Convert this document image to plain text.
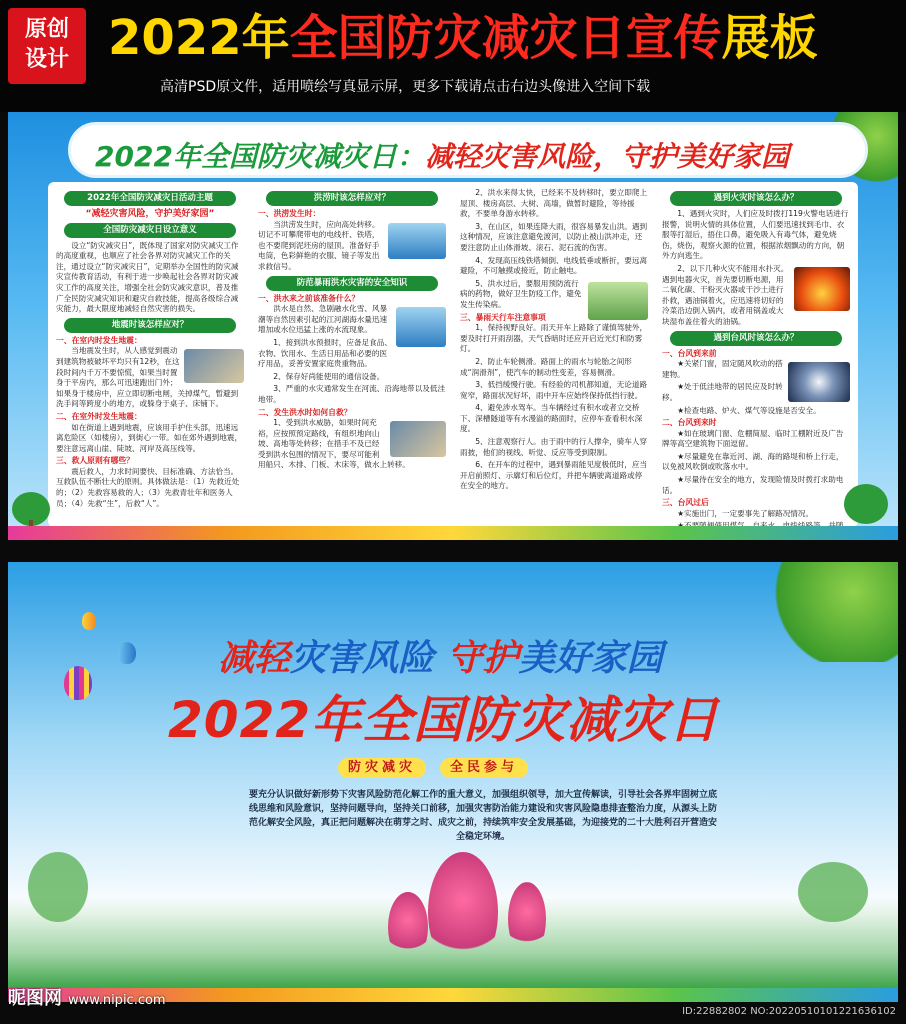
原创
设计 2022年全国防灾减灾日宣传展板
高清PSD原文件，适用喷绘写真显示屏，更多下载请点击右边头像进入空间下载
2022年全国防灾减灾日：减轻灾害风险，守护美好家园
2022年全国防灾减灾日活动主题
“减轻灾害风险，守护美好家园”
全国防灾减灾日设立意义
设立“防灾减灾日”，既体现了国家对防灾减灾工作的高度重视，也顺应了社会各界对防灾减灾工作的关注，通过设立“防灾减灾日”，定期举办全国性的防灾减灾宣传教育活动，有利于进一步唤起社会各界对防灾减灾工作的高度关注，增强全社会防灾减灾意识，普及推广全民防灾减灾知识和避灾自救技能，提高各级综合减灾能力，最大限度地减轻自然灾害的损失。
地震时该怎样应对？
一、在室内时发生地震：
当地震发生时，从人感觉到震动到建筑物被破坏平均只有12秒，在这段时间内千万不要惊慌，如果当时置身于平房内，那么可迅速跑出门外；如果身于楼房中，应立即切断电闸，关掉煤气，暂避到洗手间等跨度小的地方，或躲身于桌子、床铺下。
二、在室外时发生地震：
如在街道上遇到地震，应该用手护住头部，迅速远离危险区（如楼房），到街心一带。如在郊外遇到地震，要注意远离山崖、陡坡、河岸及高压线等。
三、救人原则有哪些？
震后救人，力求时间要快、目标准确、方法恰当。互救队伍不断壮大的原则。具体做法是：（1）先救近处的；（2）先救容易救的人；（3）先救青壮年和医务人员；（4）先救“生”，后救“人”。
洪涝时该怎样应对？
一、洪涝发生时：
当洪涝发生时，应向高处转移。切记不可攀爬带电的电线杆、铁塔，也不要爬到泥坯房的屋顶。准备好手电筒，色彩鲜艳的衣服、镜子等发出求救信号。
防范暴雨洪水灾害的安全知识
一、洪水来之前该准备什么？
洪水是自然、急剧融水化雪、风暴潮等自然因素引起的江河湖海水量迅速增加或水位迅猛上涨的水流现象。
1、接到洪水预报时，应备足食品、衣物、饮用水、生活日用品和必要的医疗用品，妥善安置家庭贵重物品。
2、保存好尚能使用的通信设备。
3、严重的水灾通常发生在河流、沿海地带以及低洼地带。
二、发生洪水时如何自救？
1、受到洪水威胁，如果时间充裕，应按照预定路线，有组织地向山坡、高地等处转移；在措手不及已经受到洪水包围的情况下，要尽可能利用船只、木排、门板、木床等，做水上转移。
2、洪水来得太快，已经来不及转移时，要立即爬上屋顶、楼房高层、大树、高墙，做暂时避险，等待援救，不要单身游水转移。
3、在山区，如果连降大雨，很容易暴发山洪。遇到这种情况，应该注意避免渡河，以防止被山洪冲走，还要注意防止山体滑坡、滚石、泥石流的伤害。
4、发现高压线铁塔倾倒、电线低垂或断折，要远离避险，不可触摸或接近，防止触电。
5、洪水过后，要服用预防流行病的药物，做好卫生防疫工作，避免发生传染病。
三、暴雨天行车注意事项
1、保持视野良好。雨天开车上路除了谨慎驾驶外，要及时打开雨刮器，天气昏暗时还应开启近光灯和防雾灯。
2、防止车轮侧滑。路面上的雨水与轮胎之间形成“润滑剂”，使汽车的制动性变差，容易侧滑。
3、低挡缓慢行驶。有经验的司机都知道，无论道路宽窄，路面状况好坏，雨中开车应始终保持低挡行驶。
4、避免涉水驾车。当车辆经过有积水或者立交桥下、深槽隧道等有水漫溢的路面时，应停车查看积水深度。
5、注意观察行人。由于雨中的行人撑伞，骑车人穿雨披，他们的视线、听觉、反应等受到限制。
6、在开车的过程中，遇到暴雨能见度极低时，应当开启前照灯、示廓灯和后位灯，并把车辆驶离道路或停在安全的地方。
遇到火灾时该怎么办？
1、遇到火灾时，人们应及时拨打119火警电话进行报警，说明火情的具体位置，人们要迅速找到毛巾、衣服等打湿后，捂住口鼻，避免吸入有毒气体，避免烧伤，烧伤，观察火源的位置，根据浓烟飘动的方向，朝外方向逃生。
2、以下几种火灾不能用水扑灭。遇到电器火灾，首先要切断电源，用二氧化碳、干粉灭火器或干沙土进行扑救，遇油锅着火，应迅速将切好的冷菜沿边倒入锅内，或者用锅盖或大块湿布盖住着火的油锅。
遇到台风时该怎么办？
一、台风到来前
★关紧门窗，固定随风吹动的搭建物。
★处于低洼地带的居民应及时转移。
★检查电路、炉火、煤气等设施是否安全。
二、台风到来时
★如在玻璃门窗、危棚简屋、临时工棚附近及广告牌等高空建筑物下面逗留。
★尽量避免在靠近河、湖、海的路堤和桥上行走，以免被风吹倒或吹落水中。
★尽量待在安全的地方，发现险情及时拨打求助电话。
三、台风过后
★实施出门，一定要事先了解路况情况。
减轻灾害风险 守护美好家园
2022年全国防灾减灾日
防灾减灾	全民参与
要充分认识做好新形势下灾害风险防范化解工作的重大意义，加强组织领导，加大宣传解读，引导社会各界牢固树立底线思维和风险意识，坚持问题导向，坚持关口前移，加强灾害防治能力建设和灾害风险隐患排查整治力度，从源头上防范化解安全风险，真正把问题解决在萌芽之时、成灾之前，持续筑牢安全发展基础，为迎接党的二十大胜利召开营造安全稳定环境。
昵图网 www.nipic.com
ID:22882802 NO:20220510101221636102
